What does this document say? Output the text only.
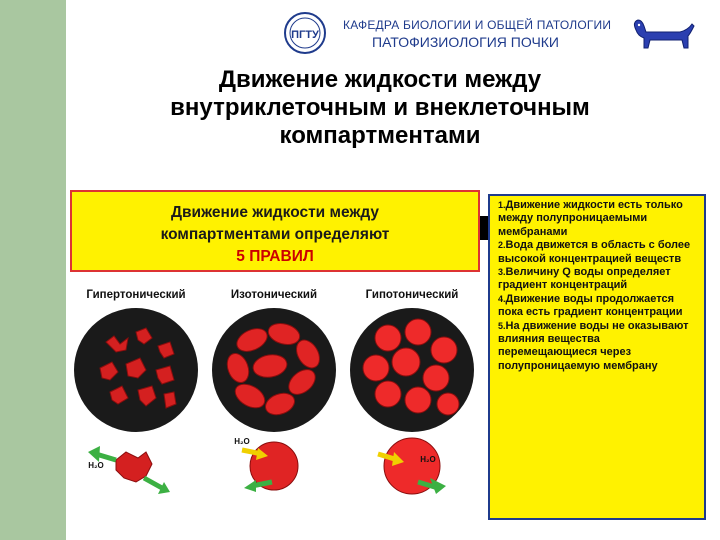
ПГТУ
КАФЕДРА БИОЛОГИИ И ОБЩЕЙ ПАТОЛОГИИ
ПАТОФИЗИОЛОГИЯ ПОЧКИ
Движение жидкости между
внутриклеточным и внеклеточным
компартментами
Движение жидкости между
компартментами определяют
5 ПРАВИЛ
Гипертонический	Изотонический	Гипотонический
H₂O
H₂O
H₂O
1.Движение жидкости есть только между полупроницаемыми мембранами
2.Вода движется в область с более высокой концентрацией веществ
3.Величину Q воды определяет градиент концентраций
4.Движение воды продолжается пока есть градиент концентрации
5.На движение воды не оказывают влияния вещества перемещающиеся через полупроницаемую мембрану
